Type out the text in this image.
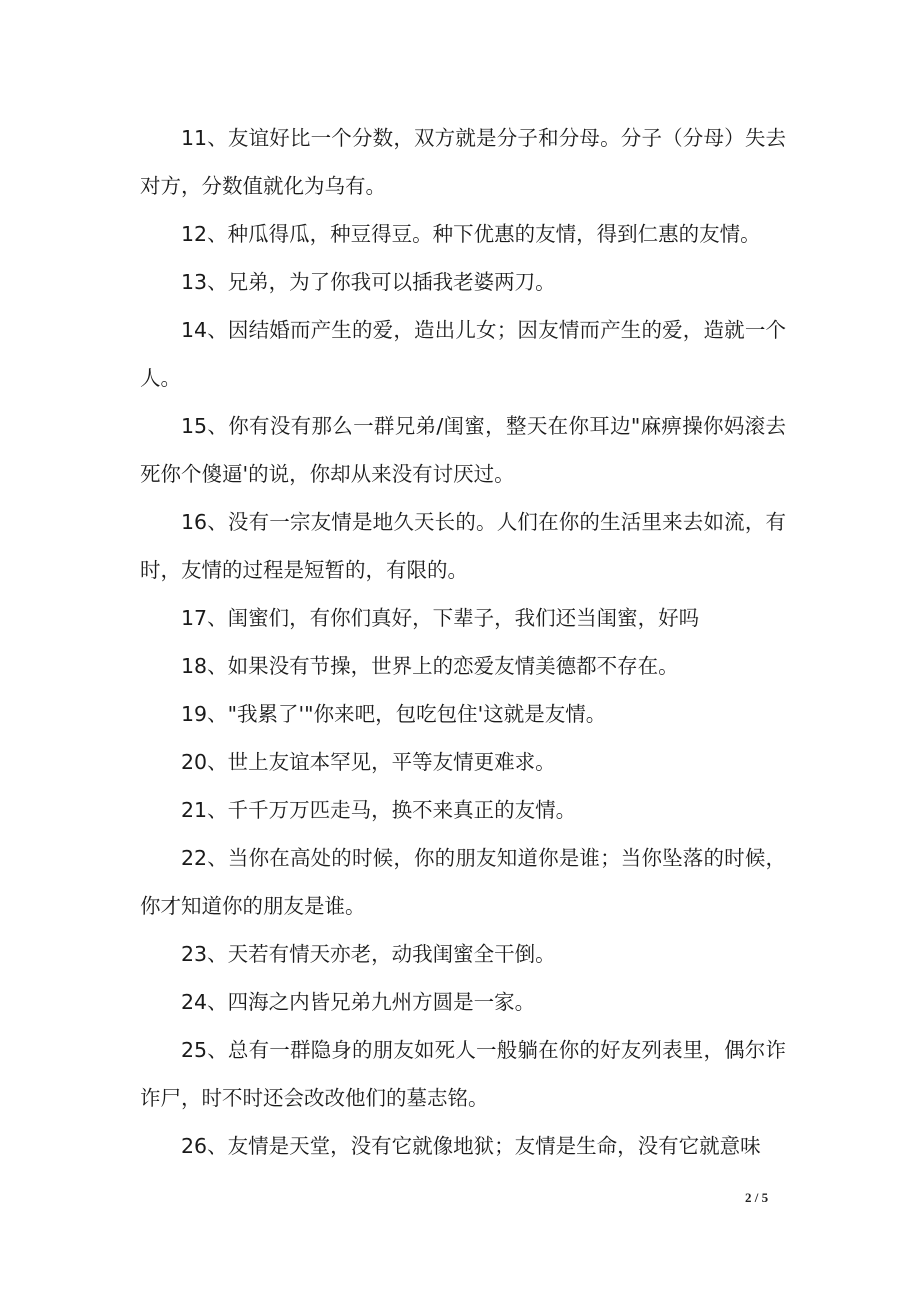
11、友谊好比一个分数，双方就是分子和分母。分子（分母）失去对方，分数值就化为乌有。

12、种瓜得瓜，种豆得豆。种下优惠的友情，得到仁惠的友情。

13、兄弟，为了你我可以插我老婆两刀。

14、因结婚而产生的爱，造出儿女；因友情而产生的爱，造就一个人。

15、你有没有那么一群兄弟/闺蜜，整天在你耳边"麻痹操你妈滚去死你个傻逼'的说，你却从来没有讨厌过。

16、没有一宗友情是地久天长的。人们在你的生活里来去如流，有时，友情的过程是短暂的，有限的。

17、闺蜜们，有你们真好，下辈子，我们还当闺蜜，好吗

18、如果没有节操，世界上的恋爱友情美德都不存在。

19、"我累了'"你来吧，包吃包住'这就是友情。

20、世上友谊本罕见，平等友情更难求。

21、千千万万匹走马，换不来真正的友情。

22、当你在高处的时候，你的朋友知道你是谁；当你坠落的时候，你才知道你的朋友是谁。

23、天若有情天亦老，动我闺蜜全干倒。

24、四海之内皆兄弟九州方圆是一家。

25、总有一群隐身的朋友如死人一般躺在你的好友列表里，偶尔诈诈尸，时不时还会改改他们的墓志铭。

26、友情是天堂，没有它就像地狱；友情是生命，没有它就意味

2 / 5
